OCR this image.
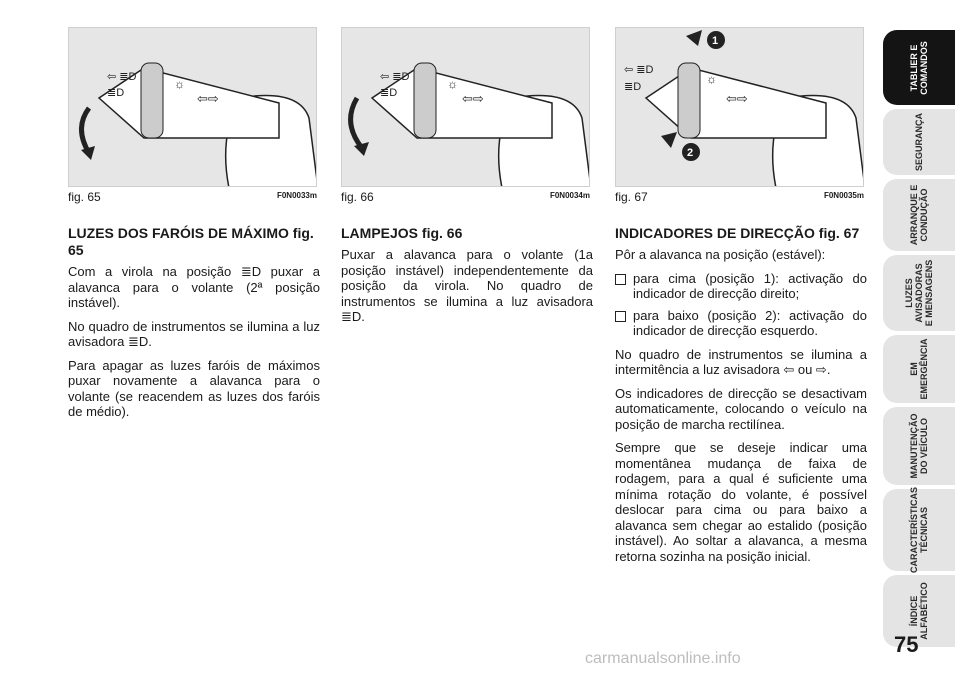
⇦ ≣D
≣D
☼
⇦⇨
fig. 65	F0N0033m
⇦ ≣D
≣D
☼
⇦⇨
fig. 66	F0N0034m
1
2
⇦ ≣D
≣D
☼
⇦⇨
fig. 67	F0N0035m
LUZES DOS FARÓIS DE MÁXIMO fig. 65

Com a virola na posição ≣D puxar a alavanca para o volante (2ª posição instável).

No quadro de instrumentos se ilumina a luz avisadora ≣D.

Para apagar as luzes faróis de máximos puxar novamente a alavanca para o volante (se reacendem as luzes dos faróis de médio).

LAMPEJOS fig. 66

Puxar a alavanca para o volante (1a posição instável) independentemente da posição da virola. No quadro de instrumentos se ilumina a luz avisadora ≣D.

INDICADORES DE DIRECÇÃO fig. 67

Pôr a alavanca na posição (estável):

para cima (posição 1): activação do indicador de direcção direito;
para baixo (posição 2): activação do indicador de direcção esquerdo.

No quadro de instrumentos se ilumina a intermitência a luz avisadora ⇦ ou ⇨.

Os indicadores de direcção se desactivam automaticamente, colocando o veículo na posição de marcha rectilínea.

Sempre que se deseje indicar uma momentânea mudança de faixa de rodagem, para a qual é suficiente uma mínima rotação do volante, é possível deslocar para cima ou para baixo a alavanca sem chegar ao estalido (posição instável). Ao soltar a alavanca, a mesma retorna sozinha na posição inicial.

TABLIER E
COMANDOS
SEGURANÇA
ARRANQUE E
CONDUÇÃO
LUZES
AVISADORAS
E MENSAGENS
EM
EMERGÊNCIA
MANUTENÇÃO
DO VEÍCULO
CARACTERÍSTICAS
TÉCNICAS
ÍNDICE
ALFABÉTICO
75
carmanualsonline.info
